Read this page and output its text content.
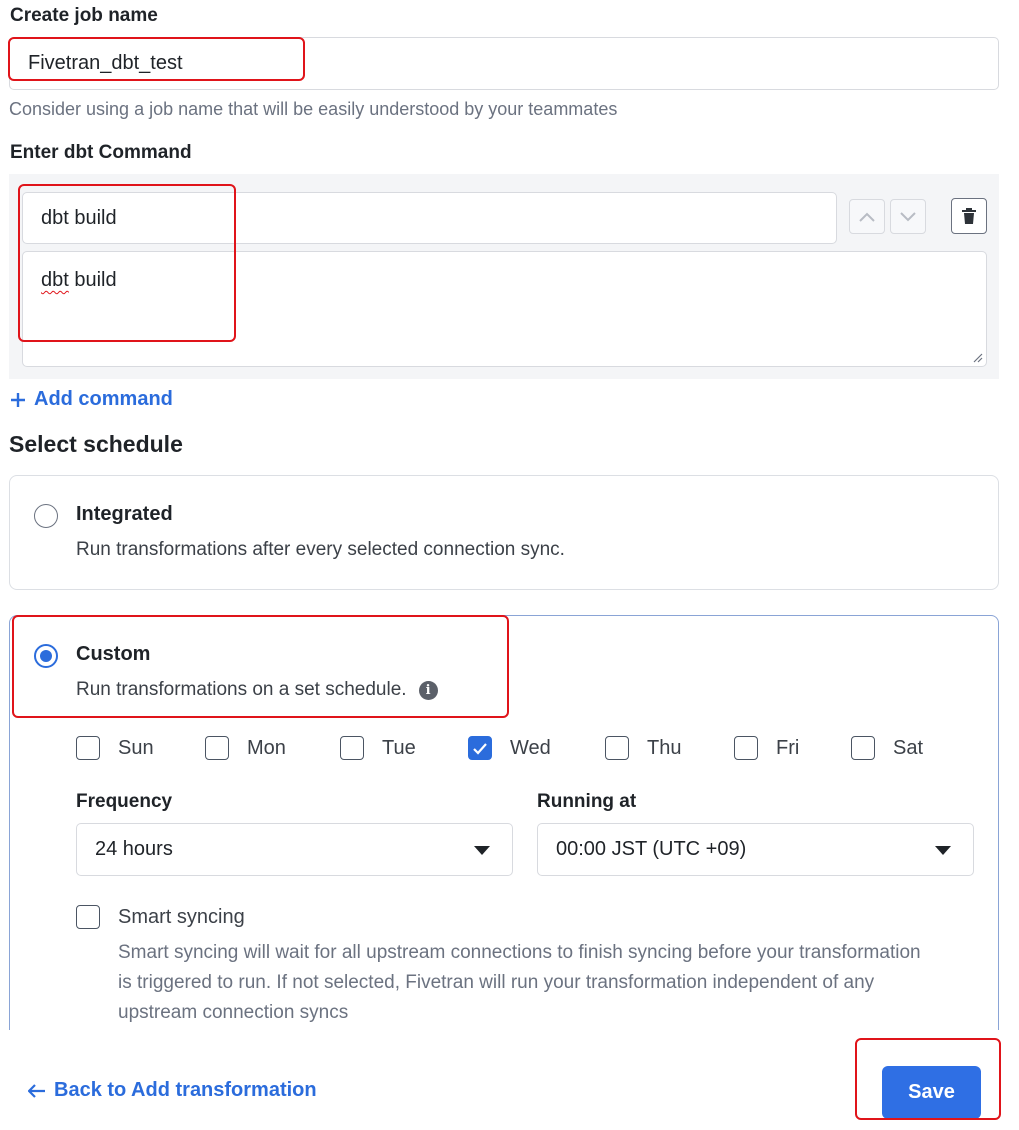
Create job name
Fivetran_dbt_test
Consider using a job name that will be easily understood by your teammates
Enter dbt Command
dbt build
dbt build
Add command
Select schedule
Integrated
Run transformations after every selected connection sync.
Custom
Run transformations on a set schedule.	i
Sun	Mon	Tue	Wed	Thu	Fri	Sat
Frequency	Running at
24 hours	00:00 JST (UTC +09)
Smart syncing
Smart syncing will wait for all upstream connections to finish syncing before your transformation is triggered to run. If not selected, Fivetran will run your transformation independent of any upstream connection syncs
Back to Add transformation	Save
